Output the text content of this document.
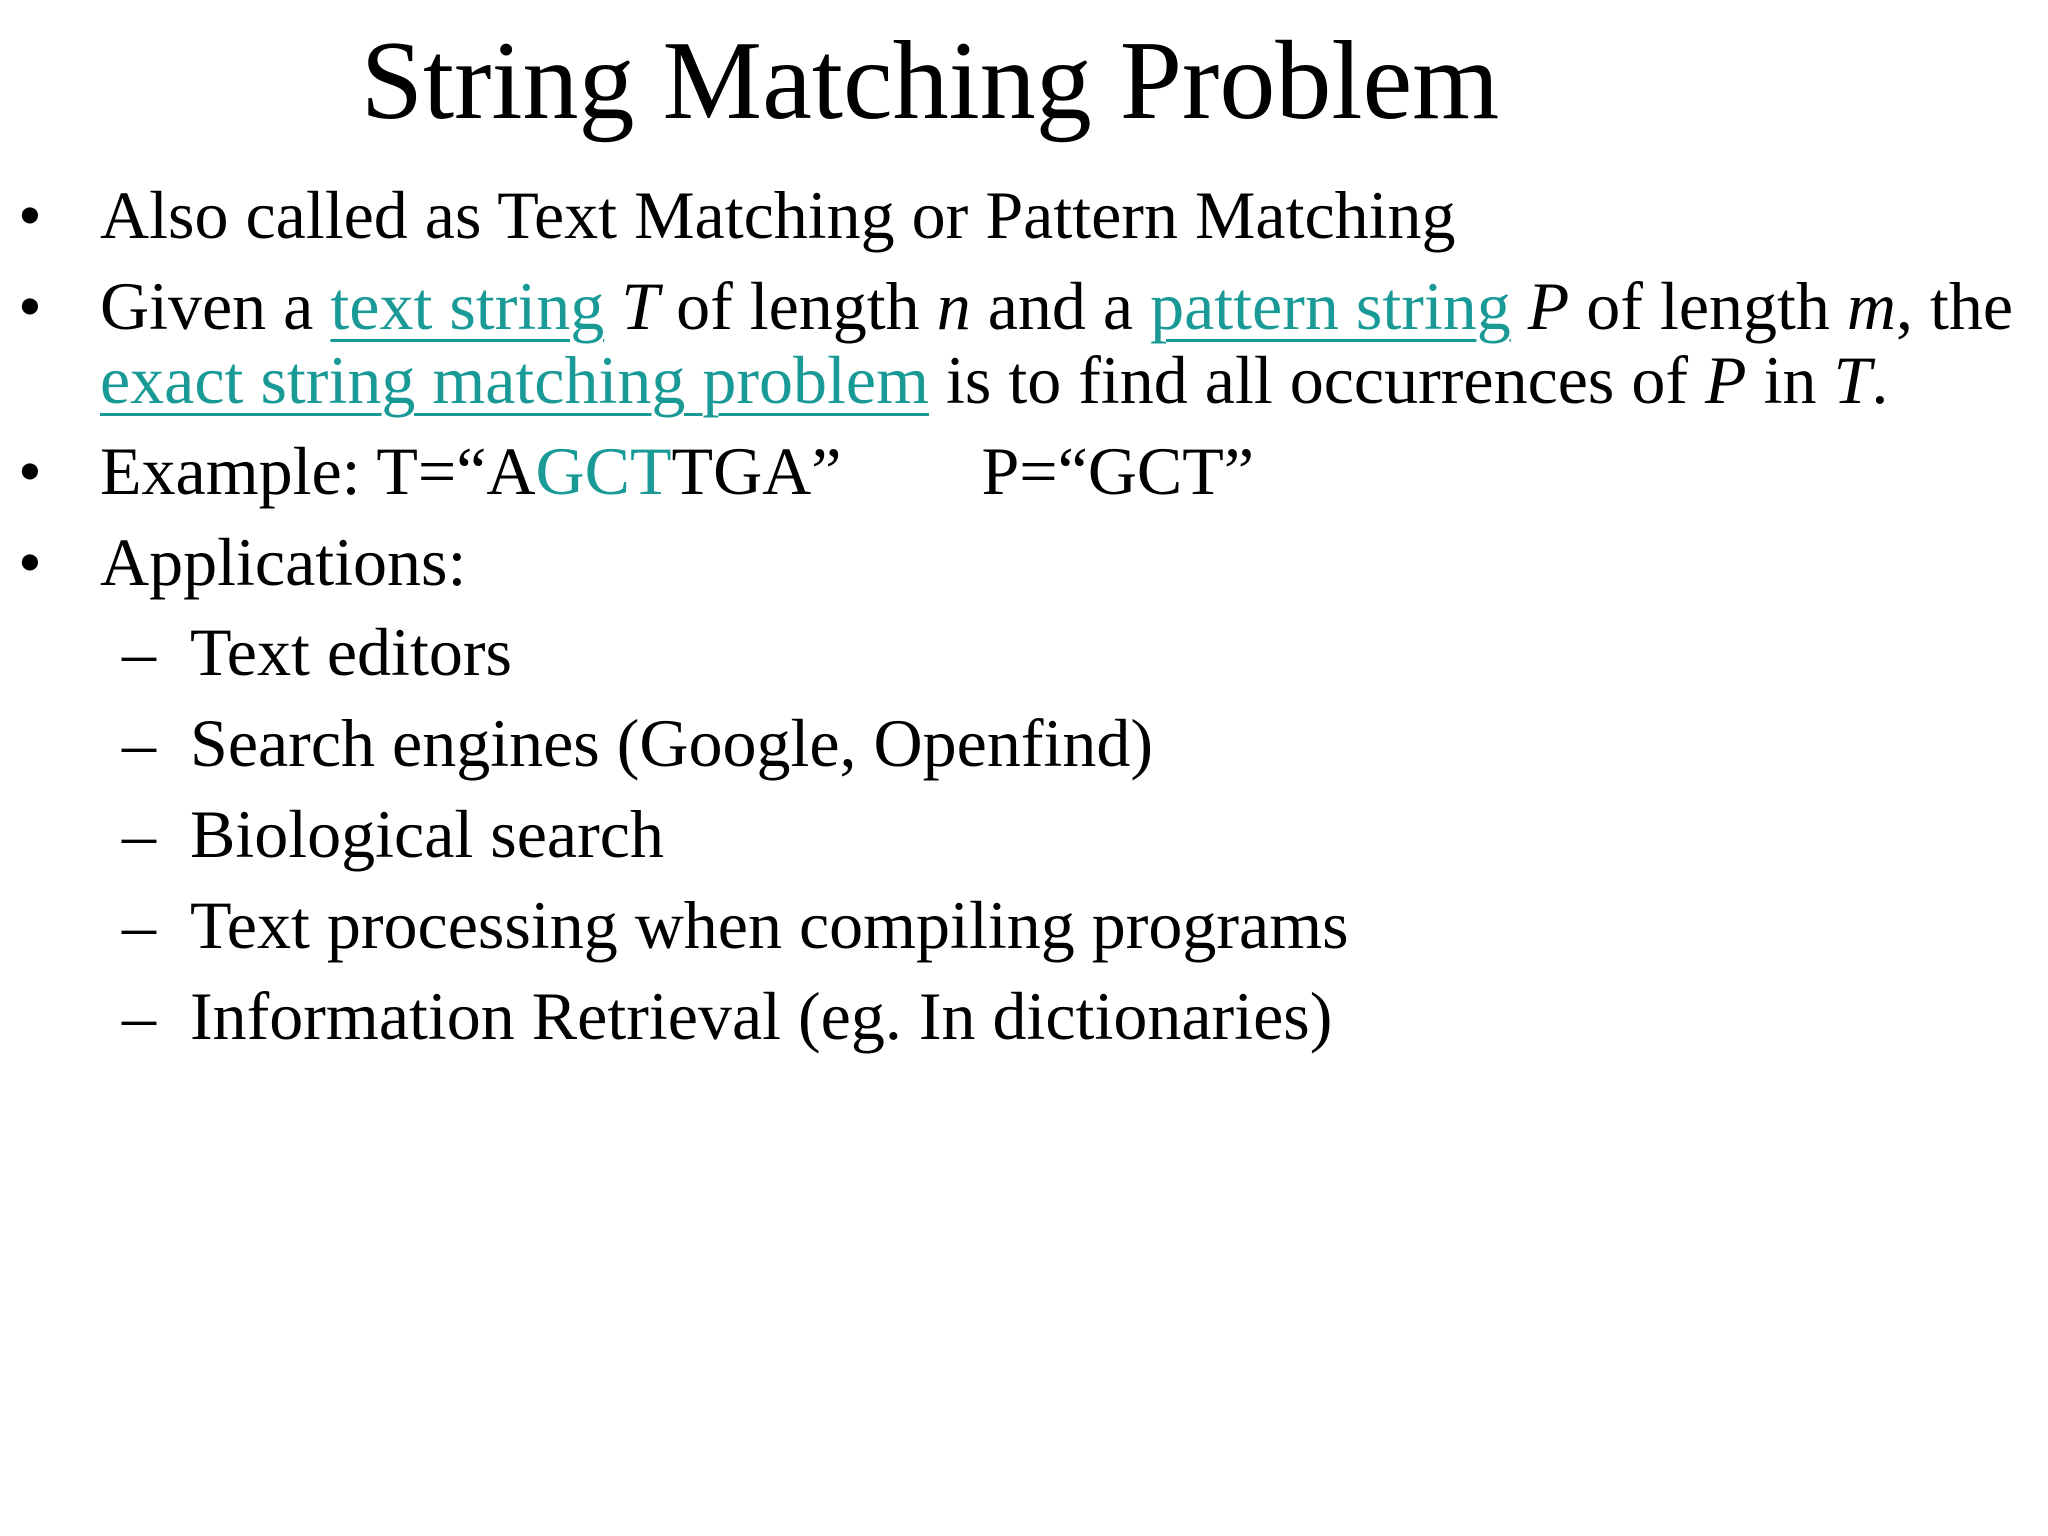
String Matching Problem
• Also called as Text Matching or Pattern Matching
• Given a text string T of length n and a pattern string P of length m, the
exact string matching problem is to find all occurrences of P in T.
• Example: T=“AGCTTGA” P=“GCT”
• Applications:
– Text editors
– Search engines (Google, Openfind)
– Biological search
– Text processing when compiling programs
– Information Retrieval (eg. In dictionaries)
